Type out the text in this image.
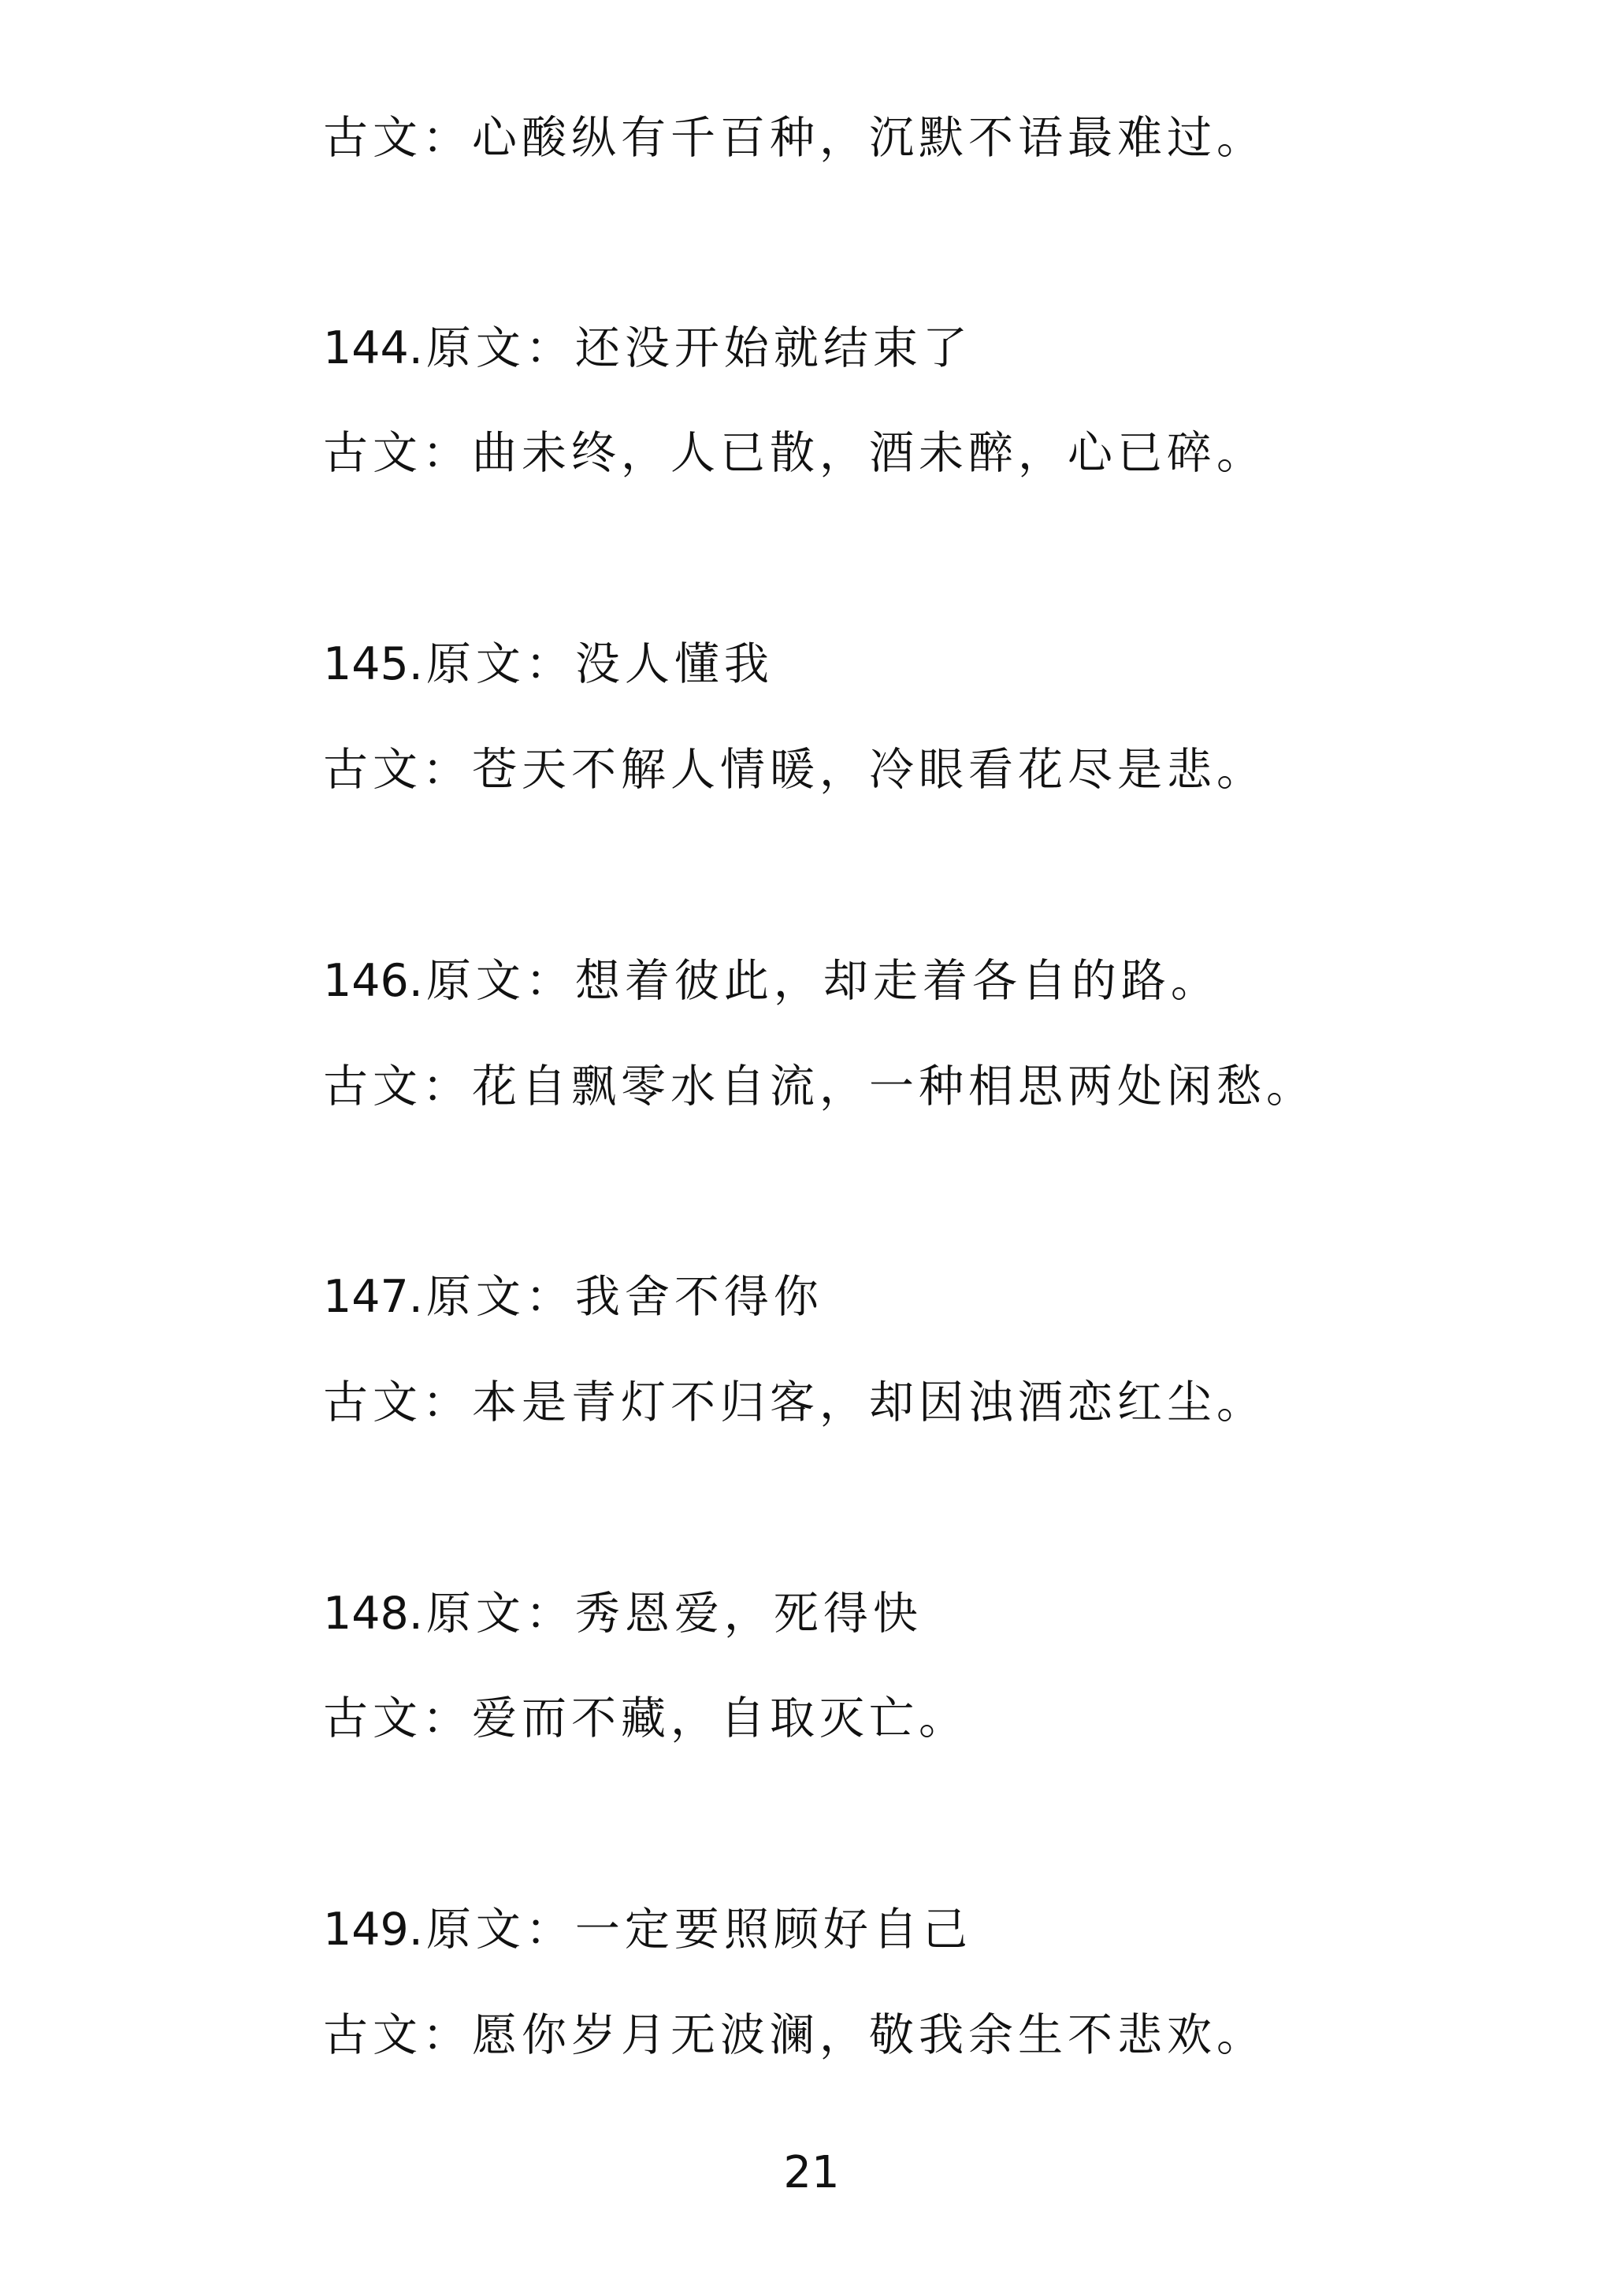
古文：心酸纵有千百种，沉默不语最难过。
144.原文：还没开始就结束了
古文：曲未终，人已散，酒未醉，心已碎。
145.原文：没人懂我
古文：苍天不解人情暖，冷眼看花尽是悲。
146.原文：想着彼此，却走着各自的路。
古文：花自飘零水自流，一种相思两处闲愁。
147.原文：我舍不得你
古文：本是青灯不归客，却因浊酒恋红尘。
148.原文：秀恩爱，死得快
古文：爱而不藏，自取灭亡。
149.原文：一定要照顾好自己
古文：愿你岁月无波澜，敬我余生不悲欢。
21
